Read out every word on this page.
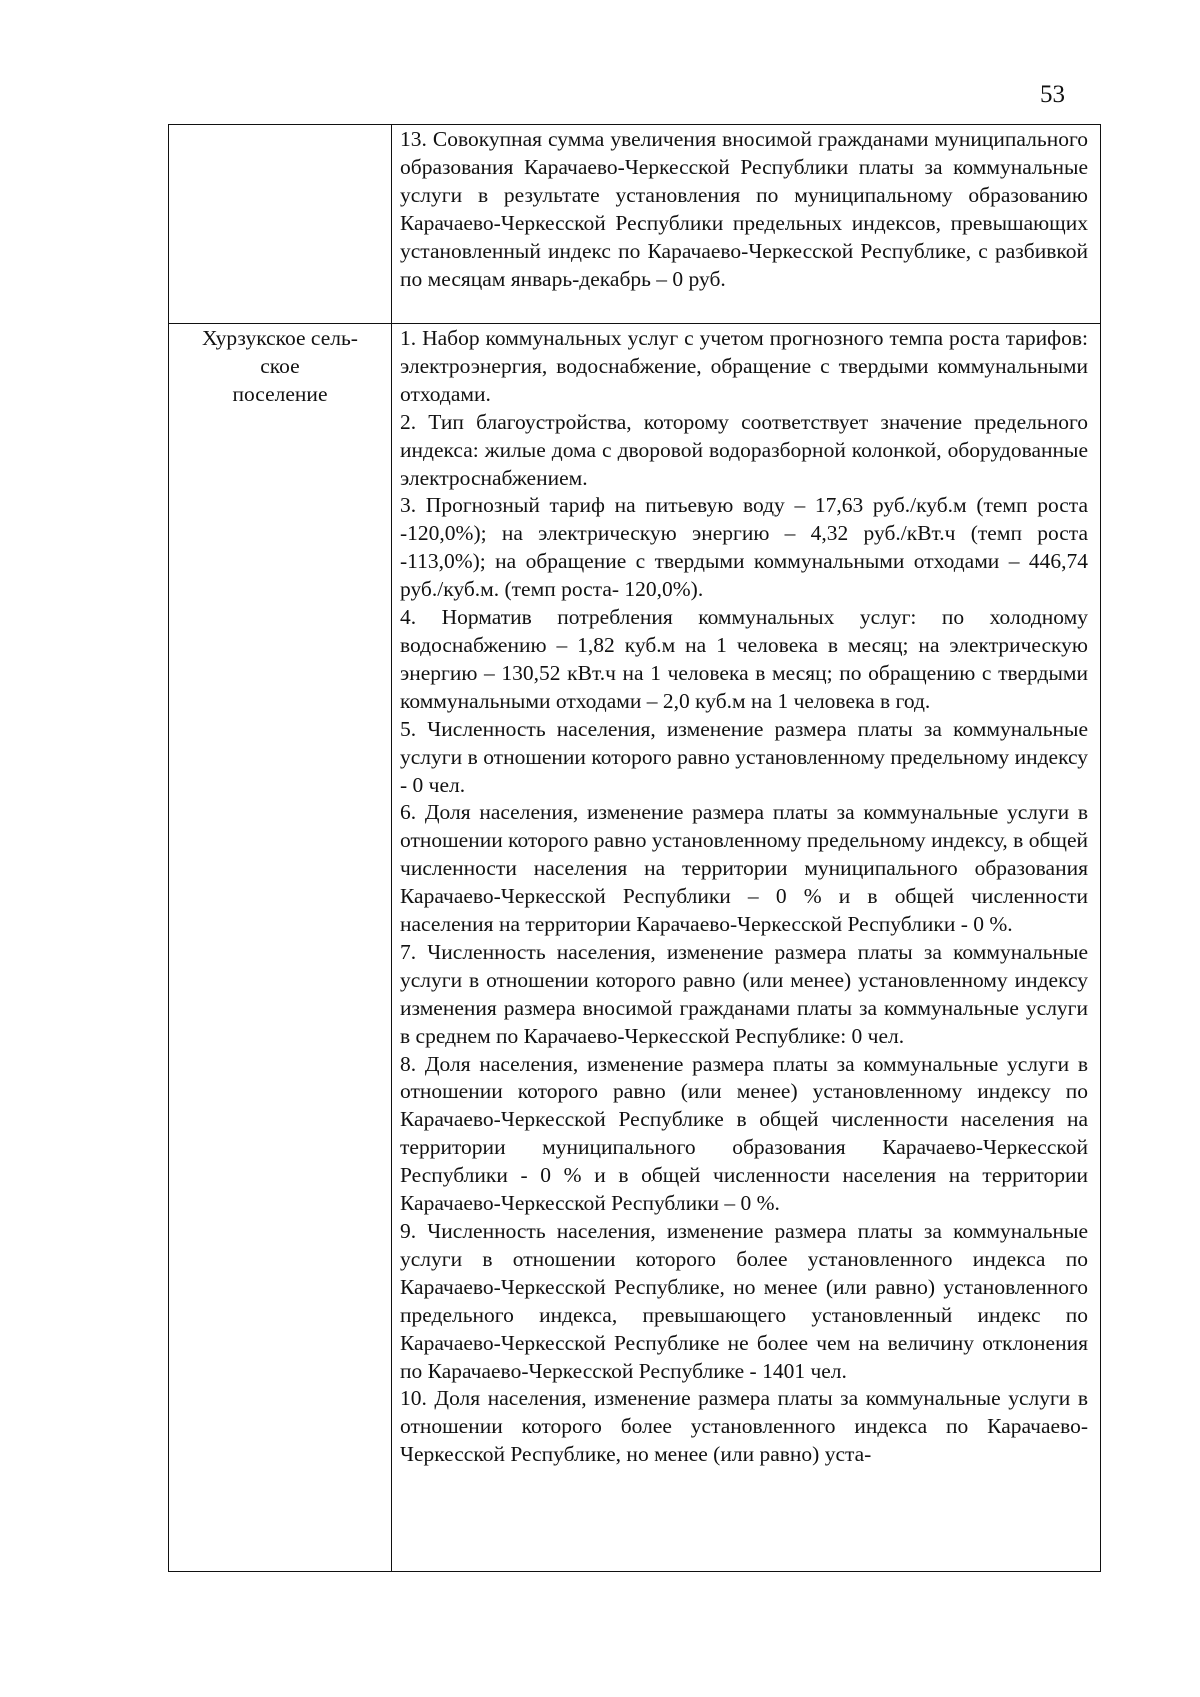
53

13. Совокупная сумма увеличения вносимой гражданами муниципального образования Карачаево-Черкесской Республики платы за коммунальные услуги в результате установления по муниципальному образованию Карачаево-Черкесской Республики предельных индексов, превышающих установленный индекс по Карачаево-Черкесской Республике, с разбивкой по месяцам январь-декабрь – 0 руб.

Хурзукское сель-
ское
поселение

1. Набор коммунальных услуг с учетом прогнозного темпа роста тарифов: электроэнергия, водоснабжение, обращение с твердыми коммунальными отходами.

2. Тип благоустройства, которому соответствует значение предельного индекса: жилые дома с дворовой водоразборной колонкой, оборудованные электроснабжением.

3. Прогнозный тариф на питьевую воду – 17,63 руб./куб.м (темп роста -120,0%); на электрическую энергию – 4,32 руб./кВт.ч (темп роста -113,0%); на обращение с твердыми коммунальными отходами – 446,74 руб./куб.м. (темп роста- 120,0%).

4. Норматив потребления коммунальных услуг: по холодному водоснабжению – 1,82 куб.м на 1 человека в месяц; на электрическую энергию – 130,52 кВт.ч на 1 человека в месяц; по обращению с твердыми коммунальными отходами – 2,0 куб.м на 1 человека в год.

5. Численность населения, изменение размера платы за коммунальные услуги в отношении которого равно установленному предельному индексу - 0 чел.

6. Доля населения, изменение размера платы за коммунальные услуги в отношении которого равно установленному предельному индексу, в общей численности населения на территории муниципального образования Карачаево-Черкесской Республики – 0 % и в общей численности населения на территории Карачаево-Черкесской Республики - 0 %.

7. Численность населения, изменение размера платы за коммунальные услуги в отношении которого равно (или менее) установленному индексу изменения размера вносимой гражданами платы за коммунальные услуги в среднем по Карачаево-Черкесской Республике: 0 чел.

8. Доля населения, изменение размера платы за коммунальные услуги в отношении которого равно (или менее) установленному индексу по Карачаево-Черкесской Республике в общей численности населения на территории муниципального образования Карачаево-Черкесской Республики - 0 % и в общей численности населения на территории Карачаево-Черкесской Республики – 0 %.

9. Численность населения, изменение размера платы за коммунальные услуги в отношении которого более установленного индекса по Карачаево-Черкесской Республике, но менее (или равно) установленного предельного индекса, превышающего установленный индекс по Карачаево-Черкесской Республике не более чем на величину отклонения по Карачаево-Черкесской Республике - 1401 чел.

10. Доля населения, изменение размера платы за коммунальные услуги в отношении которого более установленного индекса по Карачаево-Черкесской Республике, но менее (или равно) уста-
